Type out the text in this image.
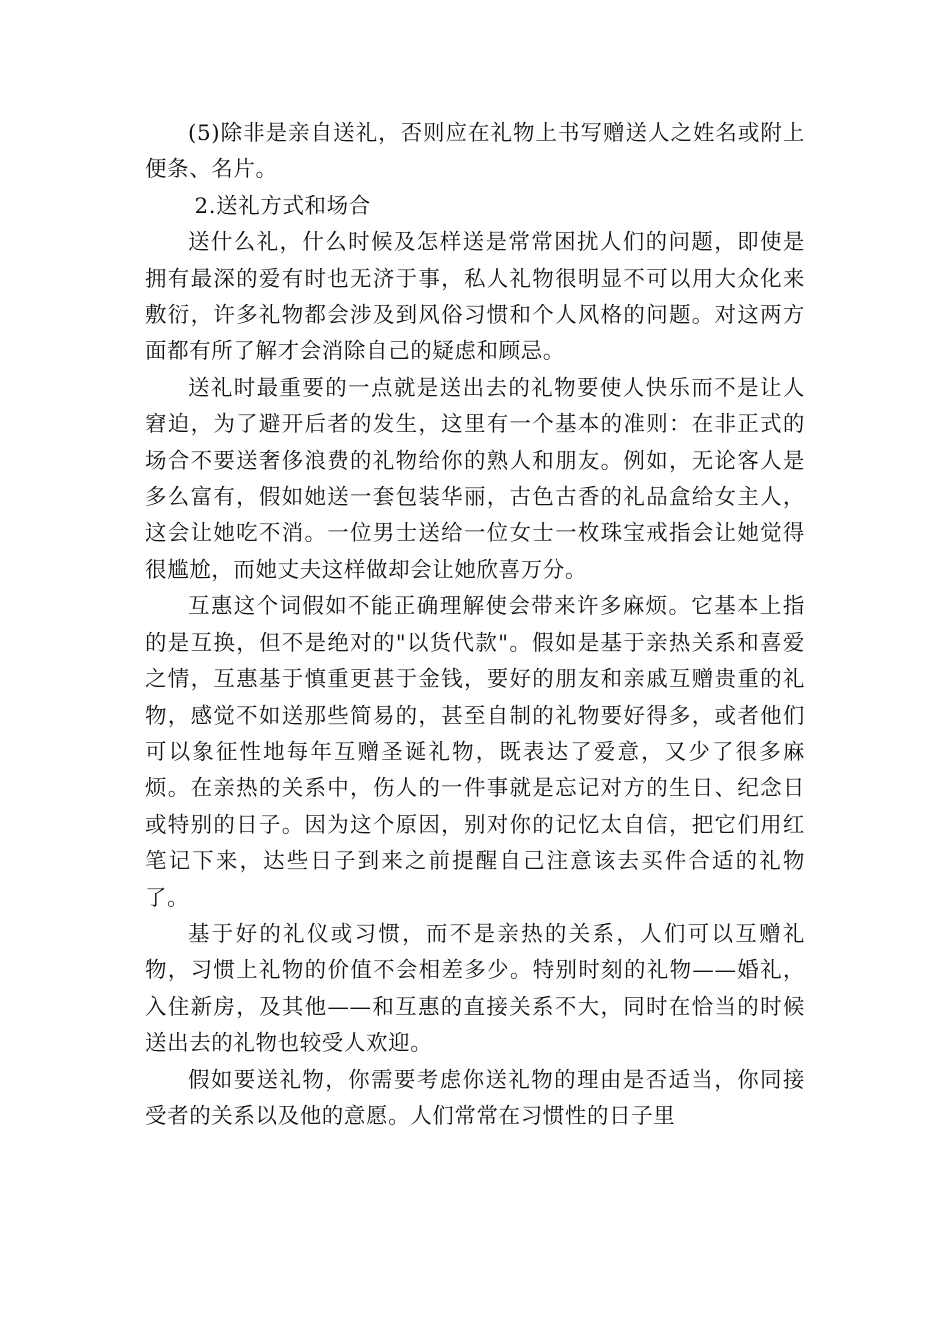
(5)除非是亲自送礼，否则应在礼物上书写赠送人之姓名或附上便条、名片。

2.送礼方式和场合

送什么礼，什么时候及怎样送是常常困扰人们的问题，即使是拥有最深的爱有时也无济于事，私人礼物很明显不可以用大众化来敷衍，许多礼物都会涉及到风俗习惯和个人风格的问题。对这两方面都有所了解才会消除自己的疑虑和顾忌。

送礼时最重要的一点就是送出去的礼物要使人快乐而不是让人窘迫，为了避开后者的发生，这里有一个基本的准则：在非正式的场合不要送奢侈浪费的礼物给你的熟人和朋友。例如，无论客人是多么富有，假如她送一套包装华丽，古色古香的礼品盒给女主人，这会让她吃不消。一位男士送给一位女士一枚珠宝戒指会让她觉得很尴尬，而她丈夫这样做却会让她欣喜万分。

互惠这个词假如不能正确理解使会带来许多麻烦。它基本上指的是互换，但不是绝对的"以货代款"。假如是基于亲热关系和喜爱之情，互惠基于慎重更甚于金钱，要好的朋友和亲戚互赠贵重的礼物，感觉不如送那些简易的，甚至自制的礼物要好得多，或者他们可以象征性地每年互赠圣诞礼物，既表达了爱意，又少了很多麻烦。在亲热的关系中，伤人的一件事就是忘记对方的生日、纪念日或特别的日子。因为这个原因，别对你的记忆太自信，把它们用红笔记下来，达些日子到来之前提醒自己注意该去买件合适的礼物了。

基于好的礼仪或习惯，而不是亲热的关系，人们可以互赠礼物，习惯上礼物的价值不会相差多少。特别时刻的礼物——婚礼，入住新房，及其他——和互惠的直接关系不大，同时在恰当的时候送出去的礼物也较受人欢迎。

假如要送礼物，你需要考虑你送礼物的理由是否适当，你同接受者的关系以及他的意愿。人们常常在习惯性的日子里
